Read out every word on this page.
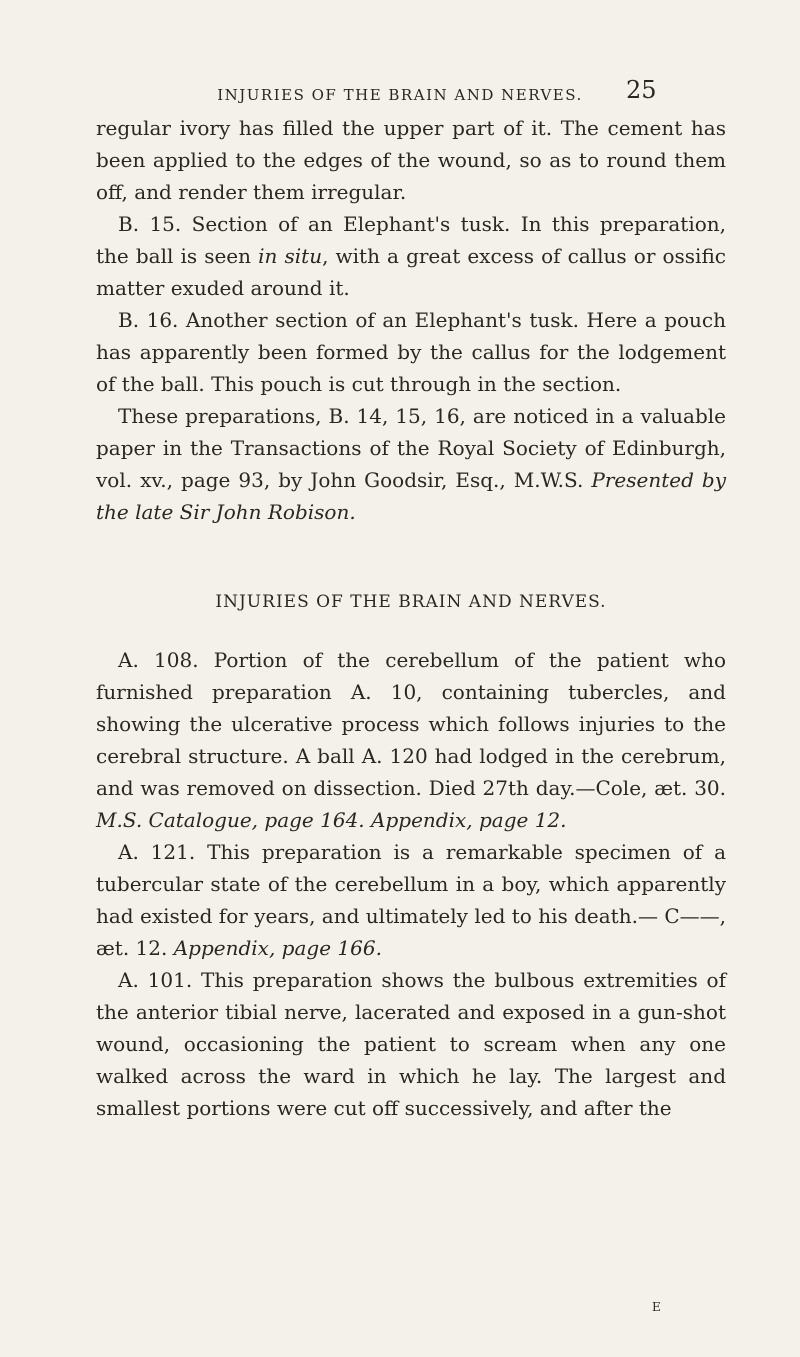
INJURIES OF THE BRAIN AND NERVES.	25

regular ivory has filled the upper part of it. The cement has been applied to the edges of the wound, so as to round them off, and render them irregular.

B. 15. Section of an Elephant's tusk. In this preparation, the ball is seen in situ, with a great excess of callus or ossific matter exuded around it.

B. 16. Another section of an Elephant's tusk. Here a pouch has apparently been formed by the callus for the lodgement of the ball. This pouch is cut through in the section.

These preparations, B. 14, 15, 16, are noticed in a valuable paper in the Transactions of the Royal Society of Edinburgh, vol. xv., page 93, by John Goodsir, Esq., M.W.S. Presented by the late Sir John Robison.

INJURIES OF THE BRAIN AND NERVES.

A. 108. Portion of the cerebellum of the patient who furnished preparation A. 10, containing tubercles, and showing the ulcerative process which follows injuries to the cerebral structure. A ball A. 120 had lodged in the cerebrum, and was removed on dissection. Died 27th day.—Cole, æt. 30. M.S. Catalogue, page 164. Appendix, page 12.

A. 121. This preparation is a remarkable specimen of a tubercular state of the cerebellum in a boy, which apparently had existed for years, and ultimately led to his death.— C——, æt. 12. Appendix, page 166.

A. 101. This preparation shows the bulbous extremities of the anterior tibial nerve, lacerated and exposed in a gun-shot wound, occasioning the patient to scream when any one walked across the ward in which he lay. The largest and smallest portions were cut off successively, and after the

E
